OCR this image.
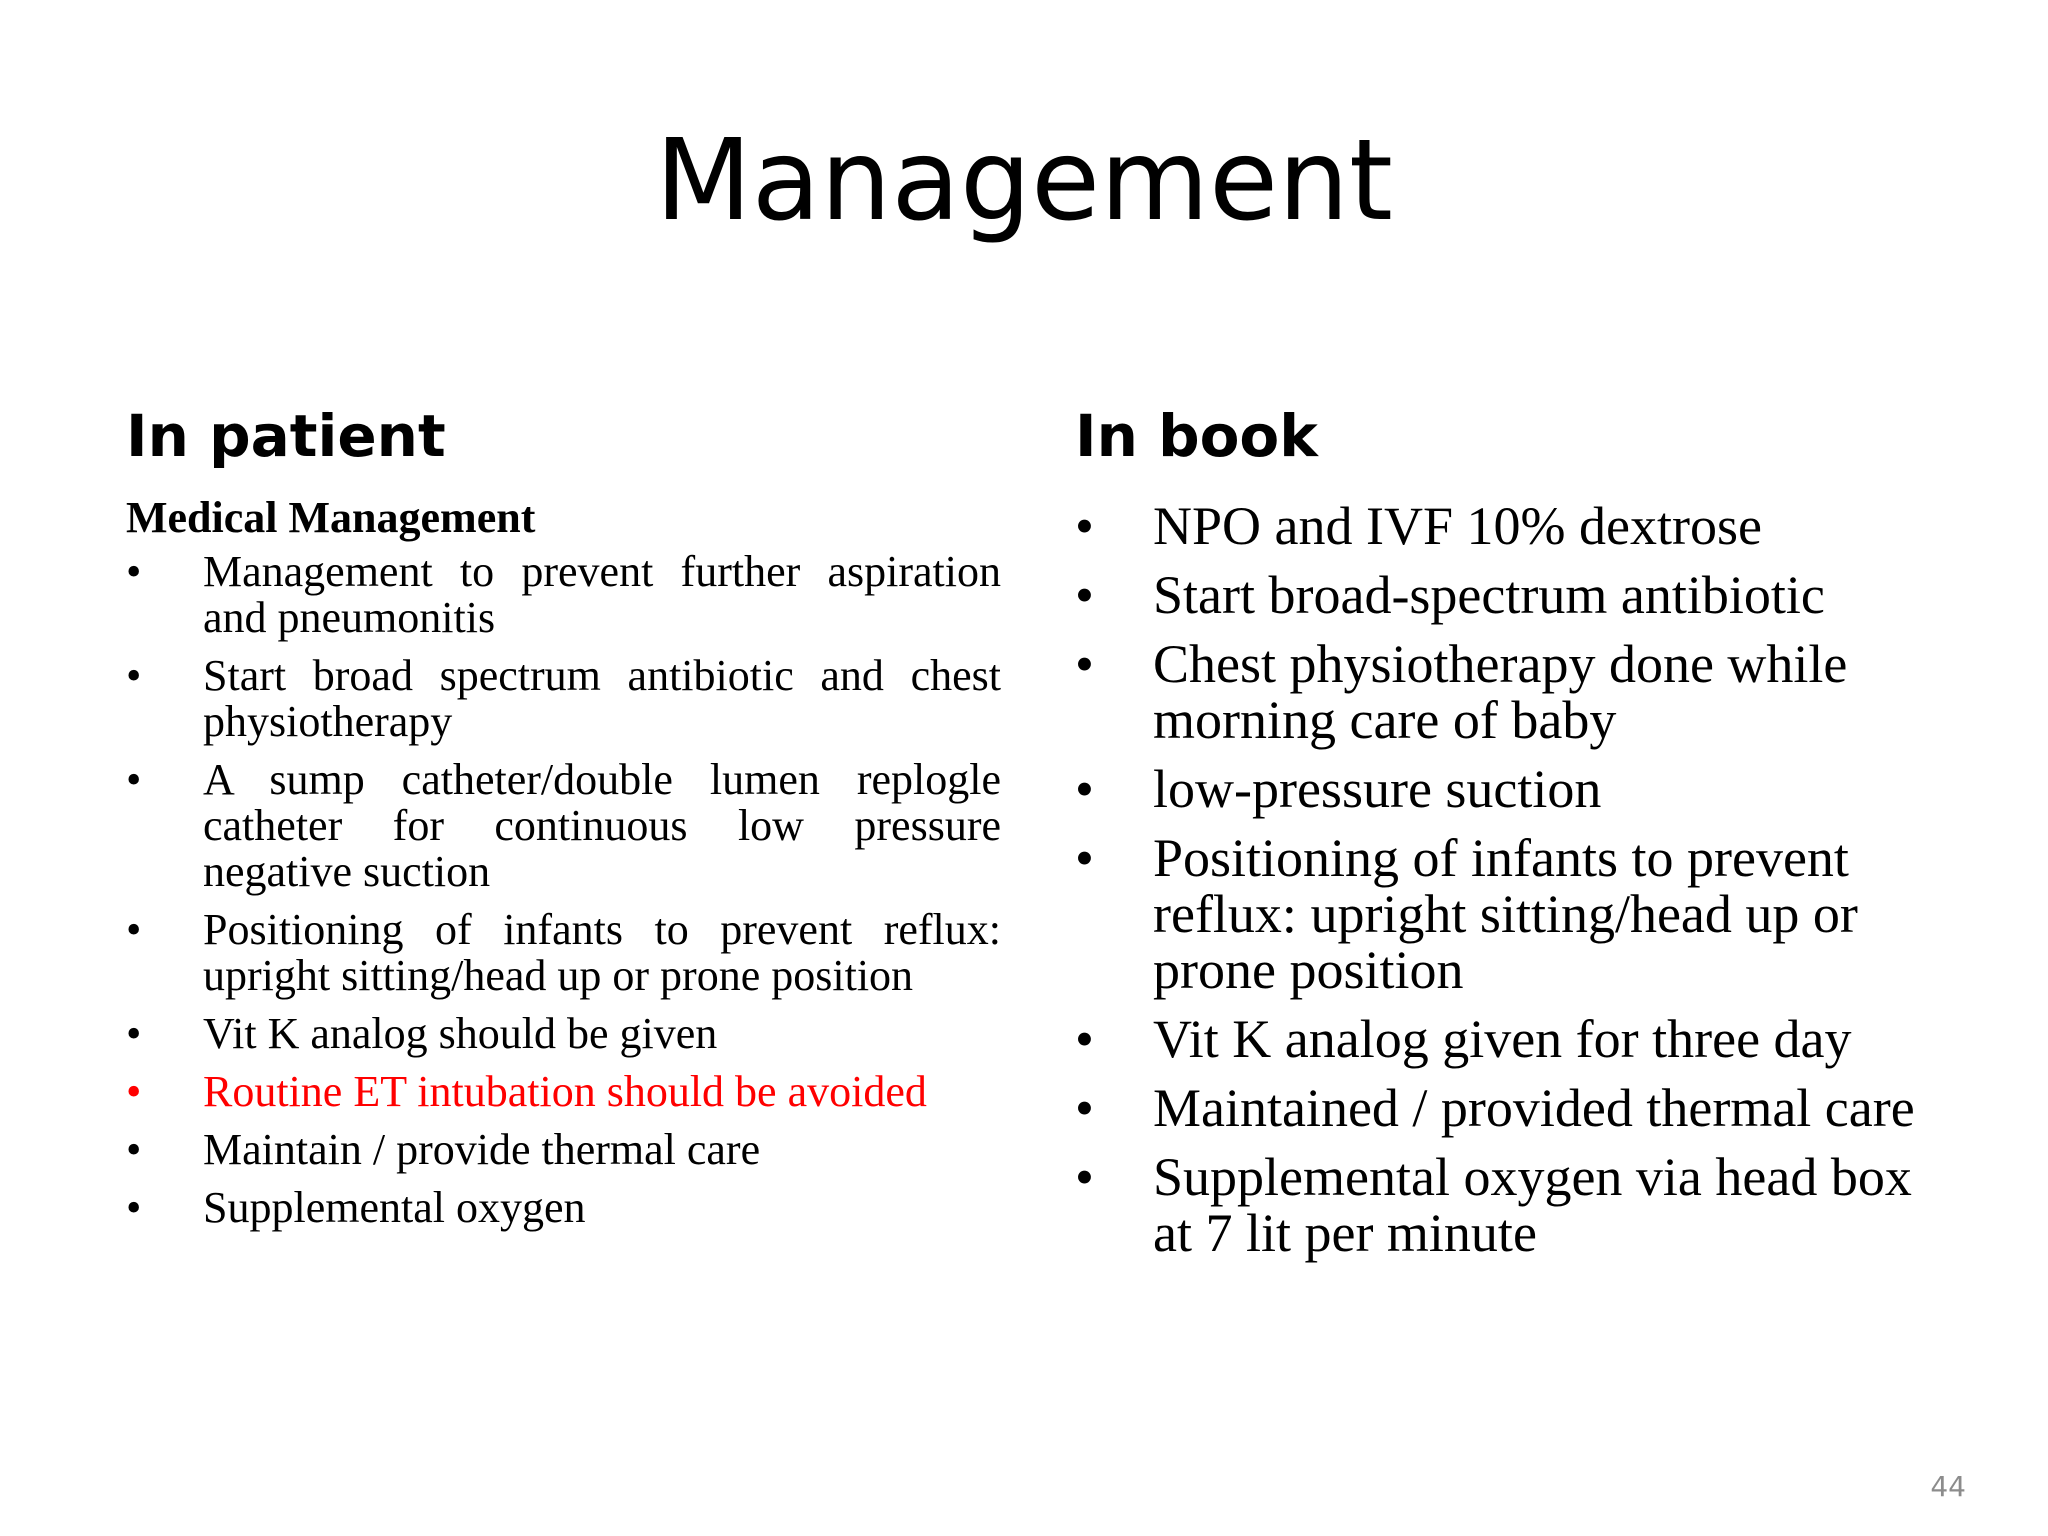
Management
In patient	In book
Medical Management
•	Management to prevent further aspiration and pneumonitis
•	Start broad spectrum antibiotic and chest physiotherapy
•	A sump catheter/double lumen replogle catheter for continuous low pressure negative suction
•	Positioning of infants to prevent reflux: upright sitting/head up or prone position
•	Vit K analog should be given
•	Routine ET intubation should be avoided
•	Maintain / provide thermal care
•	Supplemental oxygen
•	NPO and IVF 10% dextrose
•	Start broad-spectrum antibiotic
•	Chest physiotherapy done while morning care of baby
•	low-pressure suction
•	Positioning of infants to prevent reflux: upright sitting/head up or prone position
•	Vit K analog given for three day
•	Maintained / provided thermal care
•	Supplemental oxygen via head box at 7 lit per minute
44
